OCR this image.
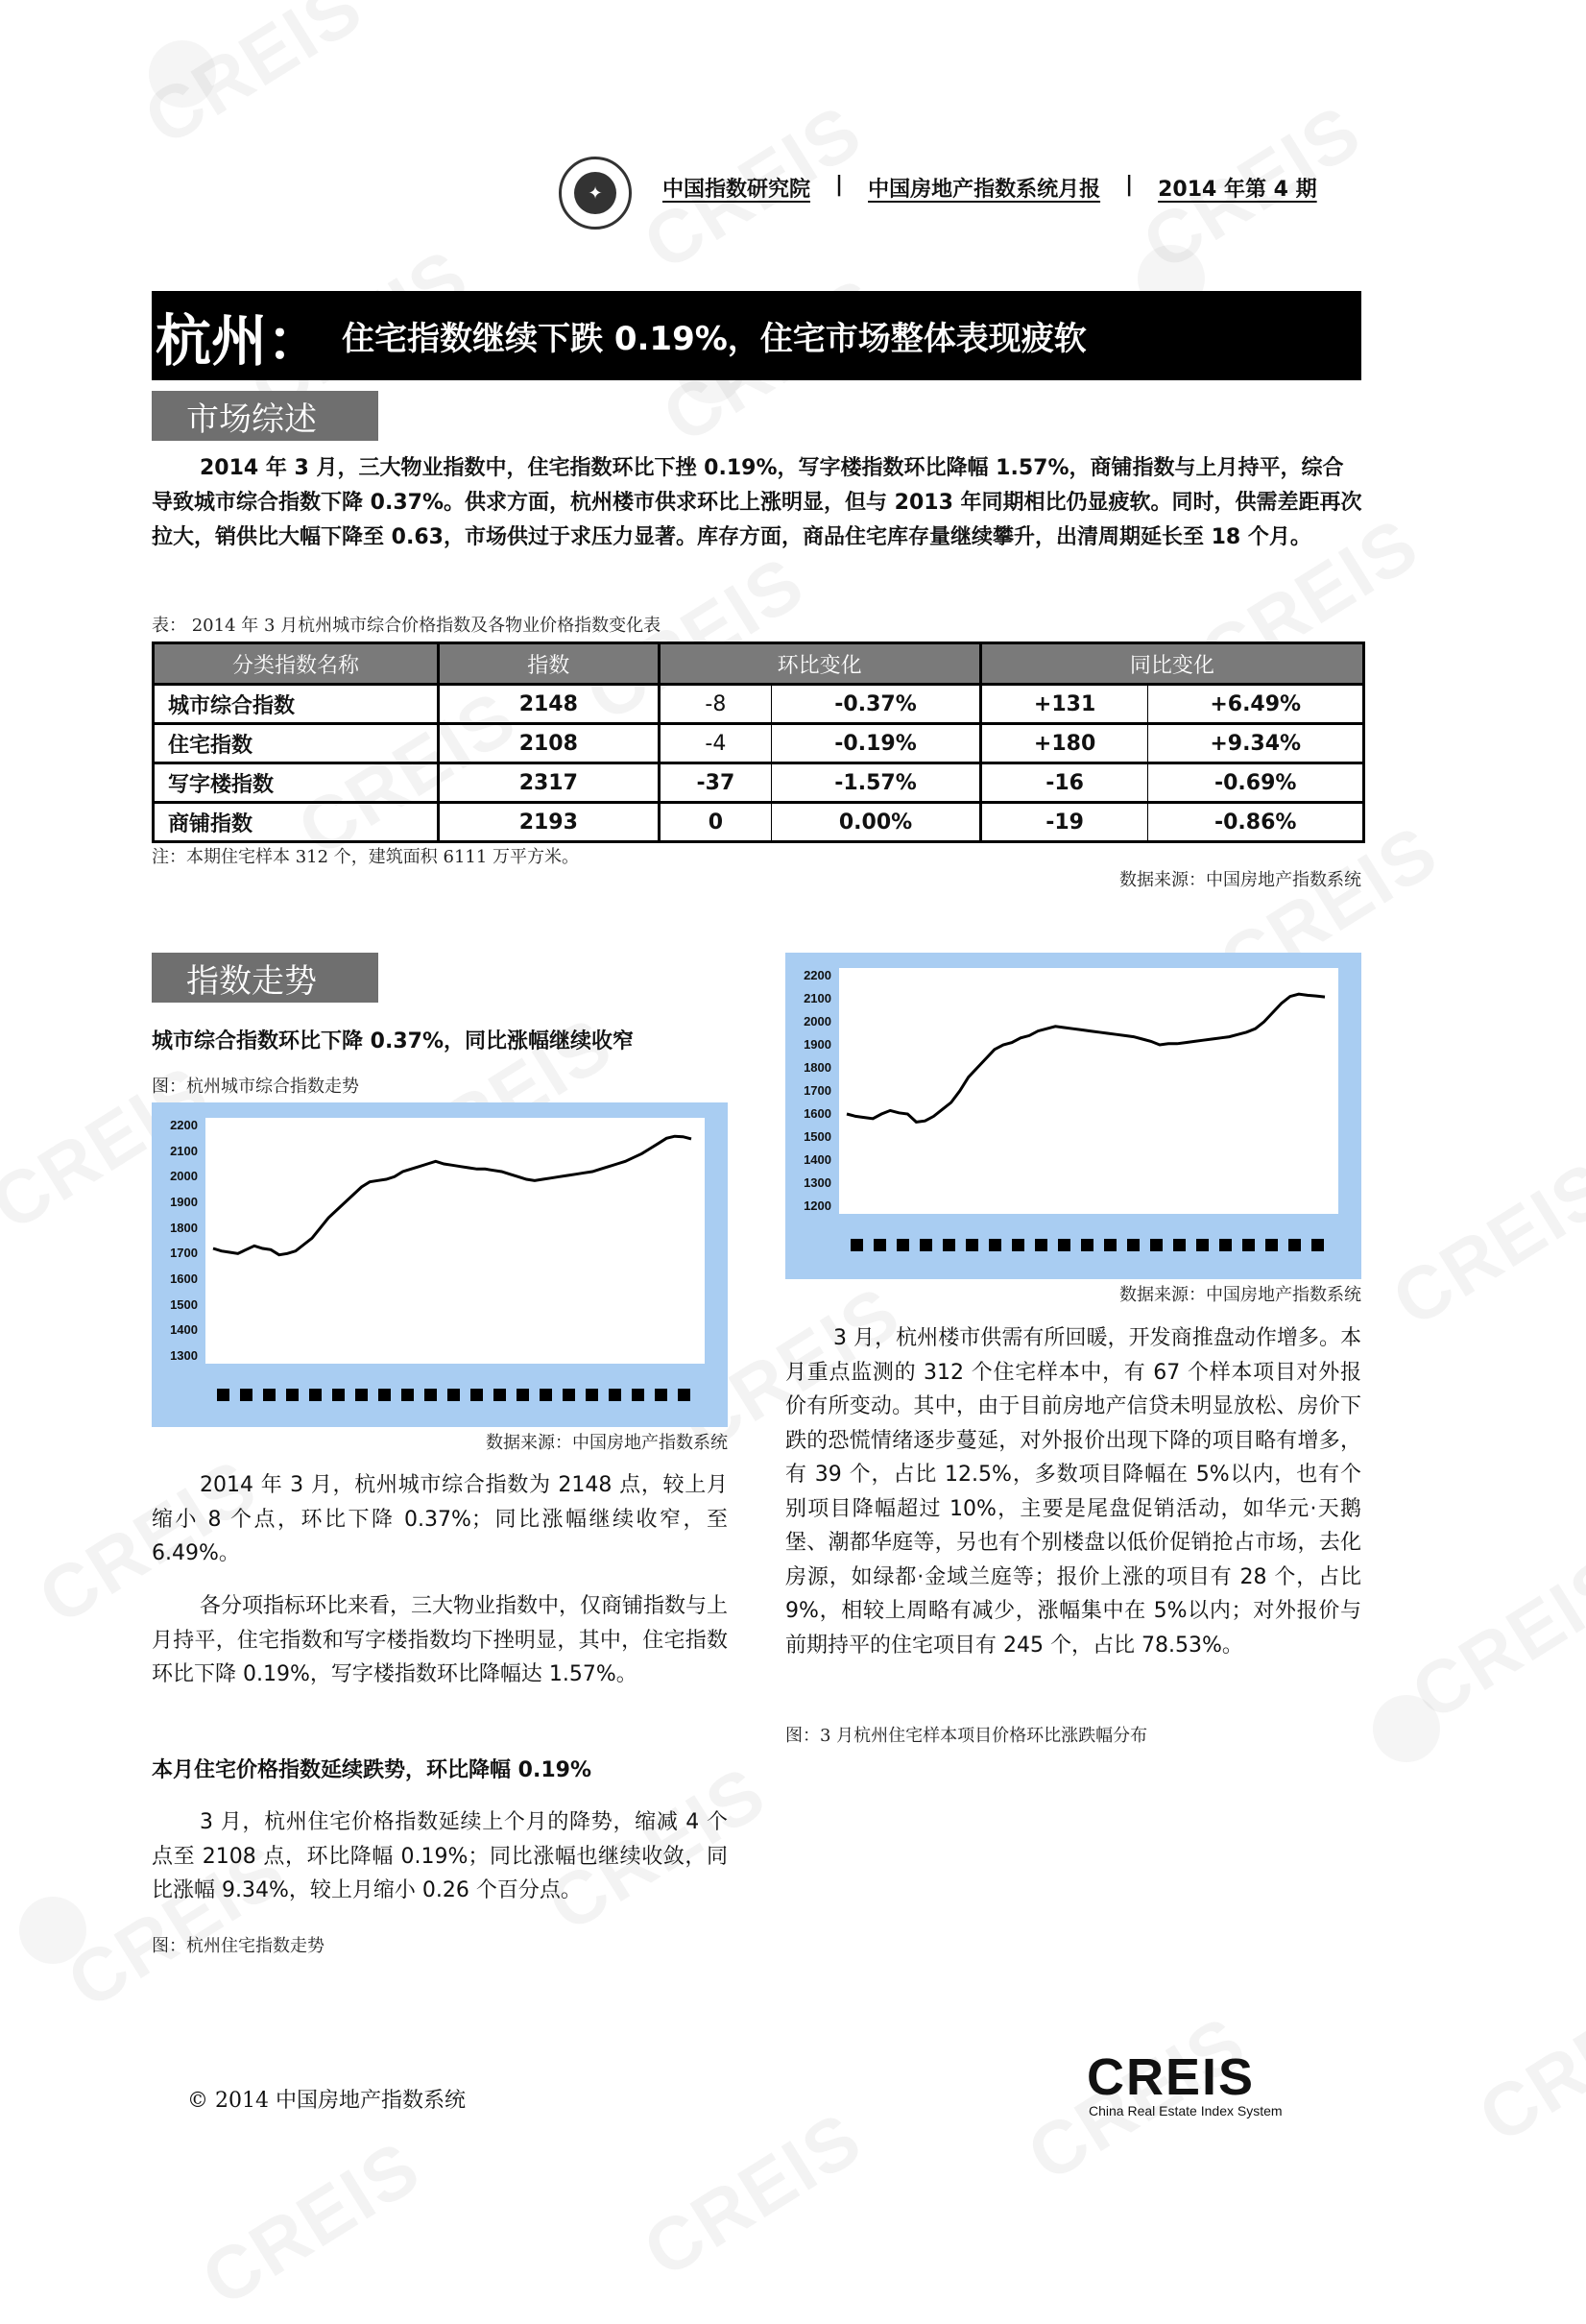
✦	中国指数研究院 | 中国房地产指数系统月报 | 2014 年第 4 期
杭州： 住宅指数继续下跌 0.19%，住宅市场整体表现疲软
市场综述
2014 年 3 月，三大物业指数中，住宅指数环比下挫 0.19%，写字楼指数环比降幅 1.57%，商铺指数与上月持平，综合导致城市综合指数下降 0.37%。供求方面，杭州楼市供求环比上涨明显，但与 2013 年同期相比仍显疲软。同时，供需差距再次拉大，销供比大幅下降至 0.63，市场供过于求压力显著。库存方面，商品住宅库存量继续攀升，出清周期延长至 18 个月。
表： 2014 年 3 月杭州城市综合价格指数及各物业价格指数变化表
分类指数名称	指数	环比变化		同比变化	
城市综合指数	2148	-8	-0.37%	+131	+6.49%
住宅指数	2108	-4	-0.19%	+180	+9.34%
写字楼指数	2317	-37	-1.57%	-16	-0.69%
商铺指数	2193	0	0.00%	-19	-0.86%
注：本期住宅样本 312 个，建筑面积 6111 万平方米。
数据来源：中国房地产指数系统
指数走势
城市综合指数环比下降 0.37%，同比涨幅继续收窄
图：杭州城市综合指数走势
2200
2100
2000
1900
1800
1700
1600
1500
1400
1300
数据来源：中国房地产指数系统
2014 年 3 月，杭州城市综合指数为 2148 点，较上月缩小 8 个点，环比下降 0.37%；同比涨幅继续收窄，至 6.49%。
各分项指标环比来看，三大物业指数中，仅商铺指数与上月持平，住宅指数和写字楼指数均下挫明显，其中，住宅指数环比下降 0.19%，写字楼指数环比降幅达 1.57%。
本月住宅价格指数延续跌势，环比降幅 0.19%
3 月，杭州住宅价格指数延续上个月的降势，缩减 4 个点至 2108 点，环比降幅 0.19%；同比涨幅也继续收敛，同比涨幅 9.34%，较上月缩小 0.26 个百分点。
图：杭州住宅指数走势
2200
2100
2000
1900
1800
1700
1600
1500
1400
1300
1200
数据来源：中国房地产指数系统
3 月，杭州楼市供需有所回暖，开发商推盘动作增多。本月重点监测的 312 个住宅样本中，有 67 个样本项目对外报价有所变动。其中，由于目前房地产信贷未明显放松、房价下跌的恐慌情绪逐步蔓延，对外报价出现下降的项目略有增多，有 39 个，占比 12.5%，多数项目降幅在 5%以内，也有个别项目降幅超过 10%，主要是尾盘促销活动，如华元·天鹅堡、潮都华庭等，另也有个别楼盘以低价促销抢占市场，去化房源，如绿都·金域兰庭等；报价上涨的项目有 28 个，占比 9%，相较上周略有减少，涨幅集中在 5%以内；对外报价与前期持平的住宅项目有 245 个，占比 78.53%。
图：3 月杭州住宅样本项目价格环比涨跌幅分布
© 2014 中国房地产指数系统	CREIS
China Real Estate Index System
